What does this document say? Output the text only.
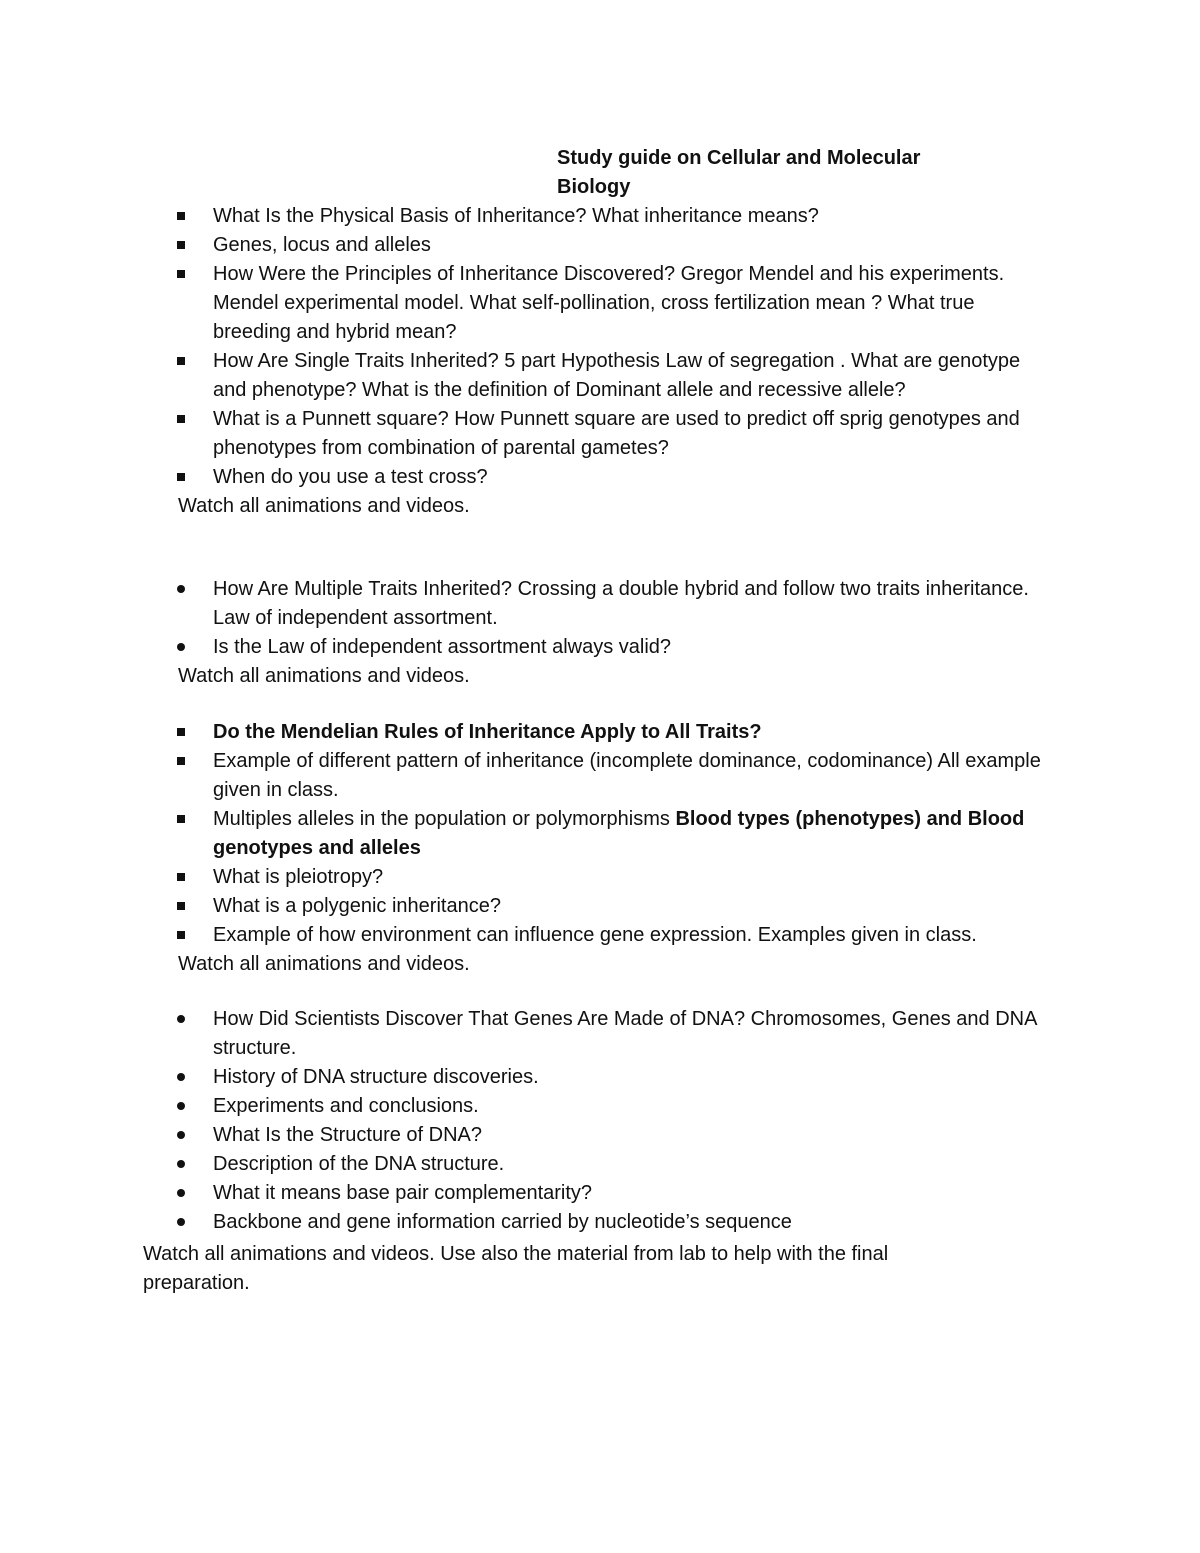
Study guide on Cellular and Molecular
Biology
What Is the Physical Basis of Inheritance? What inheritance means?
Genes, locus and alleles
How Were the Principles of Inheritance Discovered? Gregor Mendel and his experiments. Mendel experimental model. What self-pollination, cross fertilization mean ? What true breeding and hybrid mean?
How Are Single Traits Inherited? 5 part Hypothesis Law of segregation . What are genotype and phenotype? What is the definition of Dominant allele and recessive allele?
What is a Punnett square? How Punnett square are used to predict off sprig genotypes and phenotypes from combination of parental gametes?
When do you use a test cross?

Watch all animations and videos.

How Are Multiple Traits Inherited? Crossing a double hybrid and follow two traits inheritance. Law of independent assortment.
Is the Law of independent assortment always valid?

Watch all animations and videos.

Do the Mendelian Rules of Inheritance Apply to All Traits?
Example of different pattern of inheritance (incomplete dominance, codominance) All example given in class.
Multiples alleles in the population or polymorphisms Blood types (phenotypes) and Blood genotypes and alleles
What is pleiotropy?
What is a polygenic inheritance?
Example of how environment can influence gene expression. Examples given in class.

Watch all animations and videos.

How Did Scientists Discover That Genes Are Made of DNA? Chromosomes, Genes and DNA structure.
History of DNA structure discoveries.
Experiments and conclusions.
What Is the Structure of DNA?
Description of the DNA structure.
What it means base pair complementarity?
Backbone and gene information carried by nucleotide’s sequence

Watch all animations and videos. Use also the material from lab to help with the final preparation.
